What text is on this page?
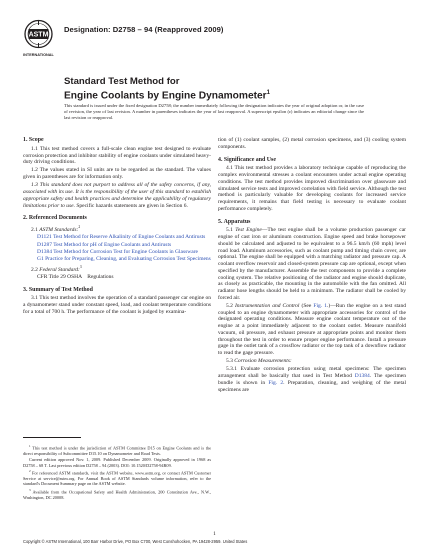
ASTM
INTERNATIONAL
Designation: D2758 – 94 (Reapproved 2009)
Standard Test Method for
Engine Coolants by Engine Dynamometer$^1$
This standard is issued under the fixed designation D2758; the number immediately following the designation indicates the year of original adoption or, in the case of revision, the year of last revision. A number in parentheses indicates the year of last reapproval. A superscript epsilon (ε) indicates an editorial change since the last revision or reapproval.
1. Scope

1.1 This test method covers a full-scale clean engine test designed to evaluate corrosion protection and inhibitor stability of engine coolants under simulated heavy-duty driving conditions.

1.2 The values stated in SI units are to be regarded as the standard. The values given in parentheses are for information only.

1.3 This standard does not purport to address all of the safety concerns, if any, associated with its use. It is the responsibility of the user of this standard to establish appropriate safety and health practices and determine the applicability of regulatory limitations prior to use. Specific hazards statements are given in Section 6.

2. Referenced Documents
2.1 ASTM Standards:$^2$
D1121 Test Method for Reserve Alkalinity of Engine Coolants and Antirusts
D1287 Test Method for pH of Engine Coolants and Antirusts
D1384 Test Method for Corrosion Test for Engine Coolants in Glassware
G1 Practice for Preparing, Cleaning, and Evaluating Corrosion Test Specimens
2.2 Federal Standard:$^3$
CFR Title 29 OSHA    Regulations
3. Summary of Test Method

3.1 This test method involves the operation of a standard passenger car engine on a dynamometer stand under constant speed, load, and coolant temperature conditions for a total of 700 h. The performance of the coolant is judged by examina-

$^1$ This test method is under the jurisdiction of ASTM Committee D15 on Engine Coolants and is the direct responsibility of Subcommittee D15.10 on Dynamometer and Road Tests.

Current edition approved Nov. 1, 2009. Published December 2009. Originally approved in 1968 as D2758 – 68 T. Last previous edition D2758 – 94 (2003). DOI: 10.1520/D2758-94R09.

$^2$ For referenced ASTM standards, visit the ASTM website, www.astm.org, or contact ASTM Customer Service at service@astm.org. For Annual Book of ASTM Standards volume information, refer to the standard's Document Summary page on the ASTM website.

$^3$ Available from the Occupational Safety and Health Administration, 200 Constitution Ave., N.W., Washington, DC 20008.

tion of (1) coolant samples, (2) metal corrosion specimens, and (3) cooling system components.

4. Significance and Use

4.1 This test method provides a laboratory technique capable of reproducing the complex environmental stresses a coolant encounters under actual engine operating conditions. The test method provides improved discrimination over glassware and simulated service tests and improved correlation with field service. Although the test method is particularly valuable for developing coolants for increased service requirements, it remains that field testing is necessary to evaluate coolant performance completely.

5. Apparatus

5.1 Test Engine—The test engine shall be a volume production passenger car engine of cast iron or aluminum construction. Engine speed and brake horsepower should be calculated and adjusted to be equivalent to a 96.5 km/h (60 mph) level road load. Aluminum accessories, such as coolant pump and timing chain cover, are optional. The engine shall be equipped with a matching radiator and pressure cap. A coolant overflow reservoir and closed-system pressure cap are optional, except when specified by the manufacturer. Assemble the test components to provide a complete cooling system. The relative positioning of the radiator and engine should duplicate, as closely as practicable, the mounting in the automobile with the fan omitted. All radiator hose lengths should be held to a minimum. The radiator shall be cooled by forced air.

5.2 Instrumentation and Control (See Fig. 1.)—Run the engine on a test stand coupled to an engine dynamometer with appropriate accessories for control of the designated operating conditions. Measure engine coolant temperature out of the engine at a point immediately adjacent to the coolant outlet. Measure manifold vacuum, oil pressure, and exhaust pressure at appropriate points and monitor them throughout the test in order to ensure proper engine performance. Install a pressure gage in the outlet tank of a crossflow radiator or the top tank of a downflow radiator to read the gage pressure.

5.3 Corrosion Measurements:

5.3.1 Evaluate corrosion protection using metal specimens: The specimen arrangement shall be basically that used in Test Method D1384. The specimen bundle is shown in Fig. 2. Preparation, cleaning, and weighing of the metal specimens are

1
Copyright © ASTM International, 100 Barr Harbor Drive, PO Box C700, West Conshohocken, PA 19428-2959. United States
